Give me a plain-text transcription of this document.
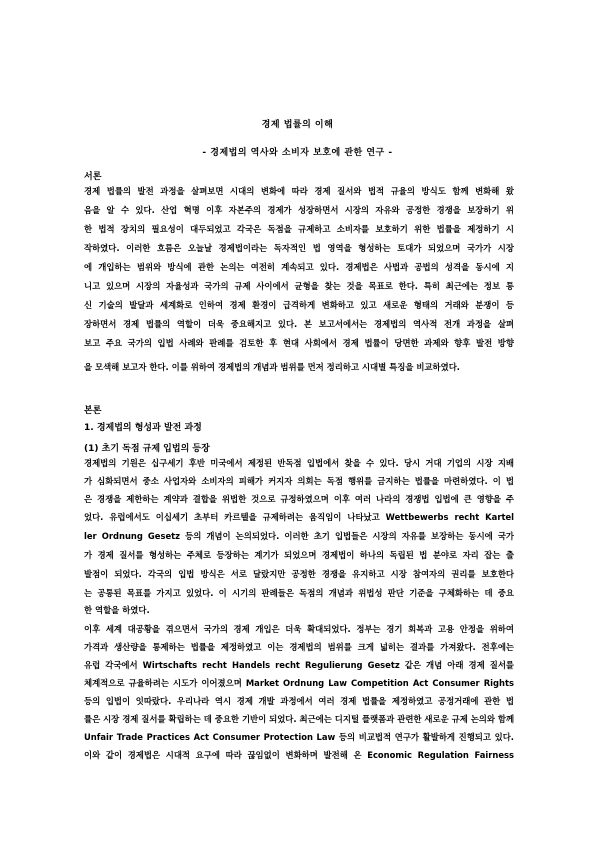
경제 법률의 이해
- 경제법의 역사와 소비자 보호에 관한 연구 -
서론
경제 법률의 발전 과정을 살펴보면 시대의 변화에 따라 경제 질서와 법적 규율의 방식도 함께 변화해 왔
음을 알 수 있다. 산업 혁명 이후 자본주의 경제가 성장하면서 시장의 자유와 공정한 경쟁을 보장하기 위
한 법적 장치의 필요성이 대두되었고 각국은 독점을 규제하고 소비자를 보호하기 위한 법률을 제정하기 시
작하였다. 이러한 흐름은 오늘날 경제법이라는 독자적인 법 영역을 형성하는 토대가 되었으며 국가가 시장
에 개입하는 범위와 방식에 관한 논의는 여전히 계속되고 있다. 경제법은 사법과 공법의 성격을 동시에 지
니고 있으며 시장의 자율성과 국가의 규제 사이에서 균형을 찾는 것을 목표로 한다. 특히 최근에는 정보 통
신 기술의 발달과 세계화로 인하여 경제 환경이 급격하게 변화하고 있고 새로운 형태의 거래와 분쟁이 등
장하면서 경제 법률의 역할이 더욱 중요해지고 있다. 본 보고서에서는 경제법의 역사적 전개 과정을 살펴
보고 주요 국가의 입법 사례와 판례를 검토한 후 현대 사회에서 경제 법률이 당면한 과제와 향후 발전 방향
을 모색해 보고자 한다. 이를 위하여 경제법의 개념과 범위를 먼저 정리하고 시대별 특징을 비교하였다.
본론
1. 경제법의 형성과 발전 과정
(1) 초기 독점 규제 입법의 등장
경제법의 기원은 십구세기 후반 미국에서 제정된 반독점 입법에서 찾을 수 있다. 당시 거대 기업의 시장 지배
가 심화되면서 중소 사업자와 소비자의 피해가 커지자 의회는 독점 행위를 금지하는 법률을 마련하였다. 이 법
은 경쟁을 제한하는 계약과 결합을 위법한 것으로 규정하였으며 이후 여러 나라의 경쟁법 입법에 큰 영향을 주
었다. 유럽에서도 이십세기 초부터 카르텔을 규제하려는 움직임이 나타났고 Wettbewerbs recht Kartel
ler Ordnung Gesetz 등의 개념이 논의되었다. 이러한 초기 입법들은 시장의 자유를 보장하는 동시에 국가
가 경제 질서를 형성하는 주체로 등장하는 계기가 되었으며 경제법이 하나의 독립된 법 분야로 자리 잡는 출
발점이 되었다. 각국의 입법 방식은 서로 달랐지만 공정한 경쟁을 유지하고 시장 참여자의 권리를 보호한다
는 공통된 목표를 가지고 있었다. 이 시기의 판례들은 독점의 개념과 위법성 판단 기준을 구체화하는 데 중요
한 역할을 하였다.
이후 세계 대공황을 겪으면서 국가의 경제 개입은 더욱 확대되었다. 정부는 경기 회복과 고용 안정을 위하여
가격과 생산량을 통제하는 법률을 제정하였고 이는 경제법의 범위를 크게 넓히는 결과를 가져왔다. 전후에는
유럽 각국에서 Wirtschafts recht Handels recht Regulierung Gesetz 같은 개념 아래 경제 질서를
체계적으로 규율하려는 시도가 이어졌으며 Market Ordnung Law Competition Act Consumer Rights
등의 입법이 잇따랐다. 우리나라 역시 경제 개발 과정에서 여러 경제 법률을 제정하였고 공정거래에 관한 법
률은 시장 경제 질서를 확립하는 데 중요한 기반이 되었다. 최근에는 디지털 플랫폼과 관련한 새로운 규제 논의와 함께
Unfair Trade Practices Act Consumer Protection Law 등의 비교법적 연구가 활발하게 진행되고 있다.
이와 같이 경제법은 시대적 요구에 따라 끊임없이 변화하며 발전해 온 Economic Regulation Fairness
